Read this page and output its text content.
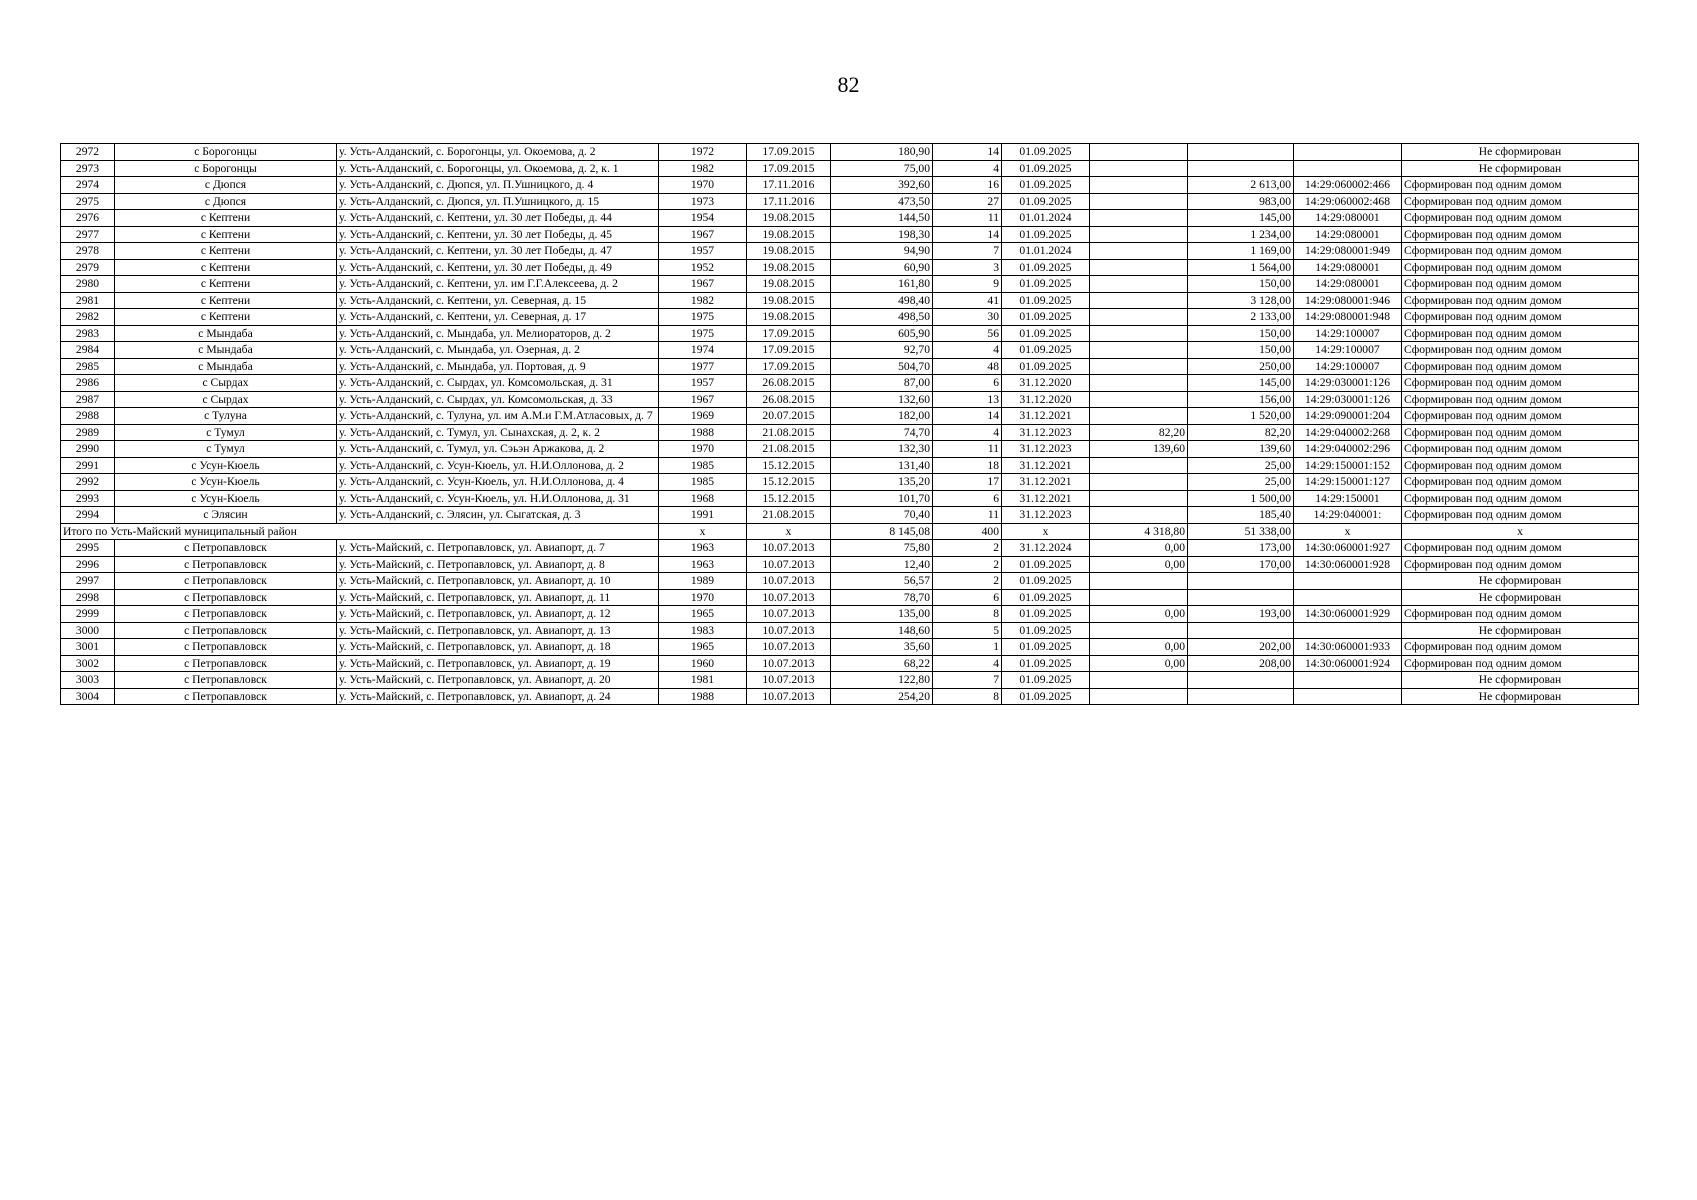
82
2972	с Борогонцы	у. Усть-Алданский, с. Борогонцы, ул. Окоемова, д. 2	1972	17.09.2015	180,90	14	01.09.2025				Не сформирован
2973	с Борогонцы	у. Усть-Алданский, с. Борогонцы, ул. Окоемова, д. 2, к. 1	1982	17.09.2015	75,00	4	01.09.2025				Не сформирован
2974	с Дюпся	у. Усть-Алданский, с. Дюпся, ул. П.Ушницкого, д. 4	1970	17.11.2016	392,60	16	01.09.2025		2 613,00	14:29:060002:466	Сформирован под одним домом
2975	с Дюпся	у. Усть-Алданский, с. Дюпся, ул. П.Ушницкого, д. 15	1973	17.11.2016	473,50	27	01.09.2025		983,00	14:29:060002:468	Сформирован под одним домом
2976	с Кептени	у. Усть-Алданский, с. Кептени, ул. 30 лет Победы, д. 44	1954	19.08.2015	144,50	11	01.01.2024		145,00	14:29:080001	Сформирован под одним домом
2977	с Кептени	у. Усть-Алданский, с. Кептени, ул. 30 лет Победы, д. 45	1967	19.08.2015	198,30	14	01.09.2025		1 234,00	14:29:080001	Сформирован под одним домом
2978	с Кептени	у. Усть-Алданский, с. Кептени, ул. 30 лет Победы, д. 47	1957	19.08.2015	94,90	7	01.01.2024		1 169,00	14:29:080001:949	Сформирован под одним домом
2979	с Кептени	у. Усть-Алданский, с. Кептени, ул. 30 лет Победы, д. 49	1952	19.08.2015	60,90	3	01.09.2025		1 564,00	14:29:080001	Сформирован под одним домом
2980	с Кептени	у. Усть-Алданский, с. Кептени, ул. им Г.Г.Алексеева, д. 2	1967	19.08.2015	161,80	9	01.09.2025		150,00	14:29:080001	Сформирован под одним домом
2981	с Кептени	у. Усть-Алданский, с. Кептени, ул. Северная, д. 15	1982	19.08.2015	498,40	41	01.09.2025		3 128,00	14:29:080001:946	Сформирован под одним домом
2982	с Кептени	у. Усть-Алданский, с. Кептени, ул. Северная, д. 17	1975	19.08.2015	498,50	30	01.09.2025		2 133,00	14:29:080001:948	Сформирован под одним домом
2983	с Мындаба	у. Усть-Алданский, с. Мындаба, ул. Мелиораторов, д. 2	1975	17.09.2015	605,90	56	01.09.2025		150,00	14:29:100007	Сформирован под одним домом
2984	с Мындаба	у. Усть-Алданский, с. Мындаба, ул. Озерная, д. 2	1974	17.09.2015	92,70	4	01.09.2025		150,00	14:29:100007	Сформирован под одним домом
2985	с Мындаба	у. Усть-Алданский, с. Мындаба, ул. Портовая, д. 9	1977	17.09.2015	504,70	48	01.09.2025		250,00	14:29:100007	Сформирован под одним домом
2986	с Сырдах	у. Усть-Алданский, с. Сырдах, ул. Комсомольская, д. 31	1957	26.08.2015	87,00	6	31.12.2020		145,00	14:29:030001:126	Сформирован под одним домом
2987	с Сырдах	у. Усть-Алданский, с. Сырдах, ул. Комсомольская, д. 33	1967	26.08.2015	132,60	13	31.12.2020		156,00	14:29:030001:126	Сформирован под одним домом
2988	с Тулуна	у. Усть-Алданский, с. Тулуна, ул. им А.М.и Г.М.Атласовых, д. 7	1969	20.07.2015	182,00	14	31.12.2021		1 520,00	14:29:090001:204	Сформирован под одним домом
2989	с Тумул	у. Усть-Алданский, с. Тумул, ул. Сынахская, д. 2, к. 2	1988	21.08.2015	74,70	4	31.12.2023	82,20	82,20	14:29:040002:268	Сформирован под одним домом
2990	с Тумул	у. Усть-Алданский, с. Тумул, ул. Сэьэн Аржакова, д. 2	1970	21.08.2015	132,30	11	31.12.2023	139,60	139,60	14:29:040002:296	Сформирован под одним домом
2991	с Усун-Кюель	у. Усть-Алданский, с. Усун-Кюель, ул. Н.И.Оллонова, д. 2	1985	15.12.2015	131,40	18	31.12.2021		25,00	14:29:150001:152	Сформирован под одним домом
2992	с Усун-Кюель	у. Усть-Алданский, с. Усун-Кюель, ул. Н.И.Оллонова, д. 4	1985	15.12.2015	135,20	17	31.12.2021		25,00	14:29:150001:127	Сформирован под одним домом
2993	с Усун-Кюель	у. Усть-Алданский, с. Усун-Кюель, ул. Н.И.Оллонова, д. 31	1968	15.12.2015	101,70	6	31.12.2021		1 500,00	14:29:150001	Сформирован под одним домом
2994	с Элясин	у. Усть-Алданский, с. Элясин, ул. Сыгатская, д. 3	1991	21.08.2015	70,40	11	31.12.2023		185,40	14:29:040001:	Сформирован под одним домом
Итого по Усть-Майский муниципальный район			х	х	8 145,08	400	х	4 318,80	51 338,00	х	х
2995	с Петропавловск	у. Усть-Майский, с. Петропавловск, ул. Авиапорт, д. 7	1963	10.07.2013	75,80	2	31.12.2024	0,00	173,00	14:30:060001:927	Сформирован под одним домом
2996	с Петропавловск	у. Усть-Майский, с. Петропавловск, ул. Авиапорт, д. 8	1963	10.07.2013	12,40	2	01.09.2025	0,00	170,00	14:30:060001:928	Сформирован под одним домом
2997	с Петропавловск	у. Усть-Майский, с. Петропавловск, ул. Авиапорт, д. 10	1989	10.07.2013	56,57	2	01.09.2025				Не сформирован
2998	с Петропавловск	у. Усть-Майский, с. Петропавловск, ул. Авиапорт, д. 11	1970	10.07.2013	78,70	6	01.09.2025				Не сформирован
2999	с Петропавловск	у. Усть-Майский, с. Петропавловск, ул. Авиапорт, д. 12	1965	10.07.2013	135,00	8	01.09.2025	0,00	193,00	14:30:060001:929	Сформирован под одним домом
3000	с Петропавловск	у. Усть-Майский, с. Петропавловск, ул. Авиапорт, д. 13	1983	10.07.2013	148,60	5	01.09.2025				Не сформирован
3001	с Петропавловск	у. Усть-Майский, с. Петропавловск, ул. Авиапорт, д. 18	1965	10.07.2013	35,60	1	01.09.2025	0,00	202,00	14:30:060001:933	Сформирован под одним домом
3002	с Петропавловск	у. Усть-Майский, с. Петропавловск, ул. Авиапорт, д. 19	1960	10.07.2013	68,22	4	01.09.2025	0,00	208,00	14:30:060001:924	Сформирован под одним домом
3003	с Петропавловск	у. Усть-Майский, с. Петропавловск, ул. Авиапорт, д. 20	1981	10.07.2013	122,80	7	01.09.2025				Не сформирован
3004	с Петропавловск	у. Усть-Майский, с. Петропавловск, ул. Авиапорт, д. 24	1988	10.07.2013	254,20	8	01.09.2025				Не сформирован
